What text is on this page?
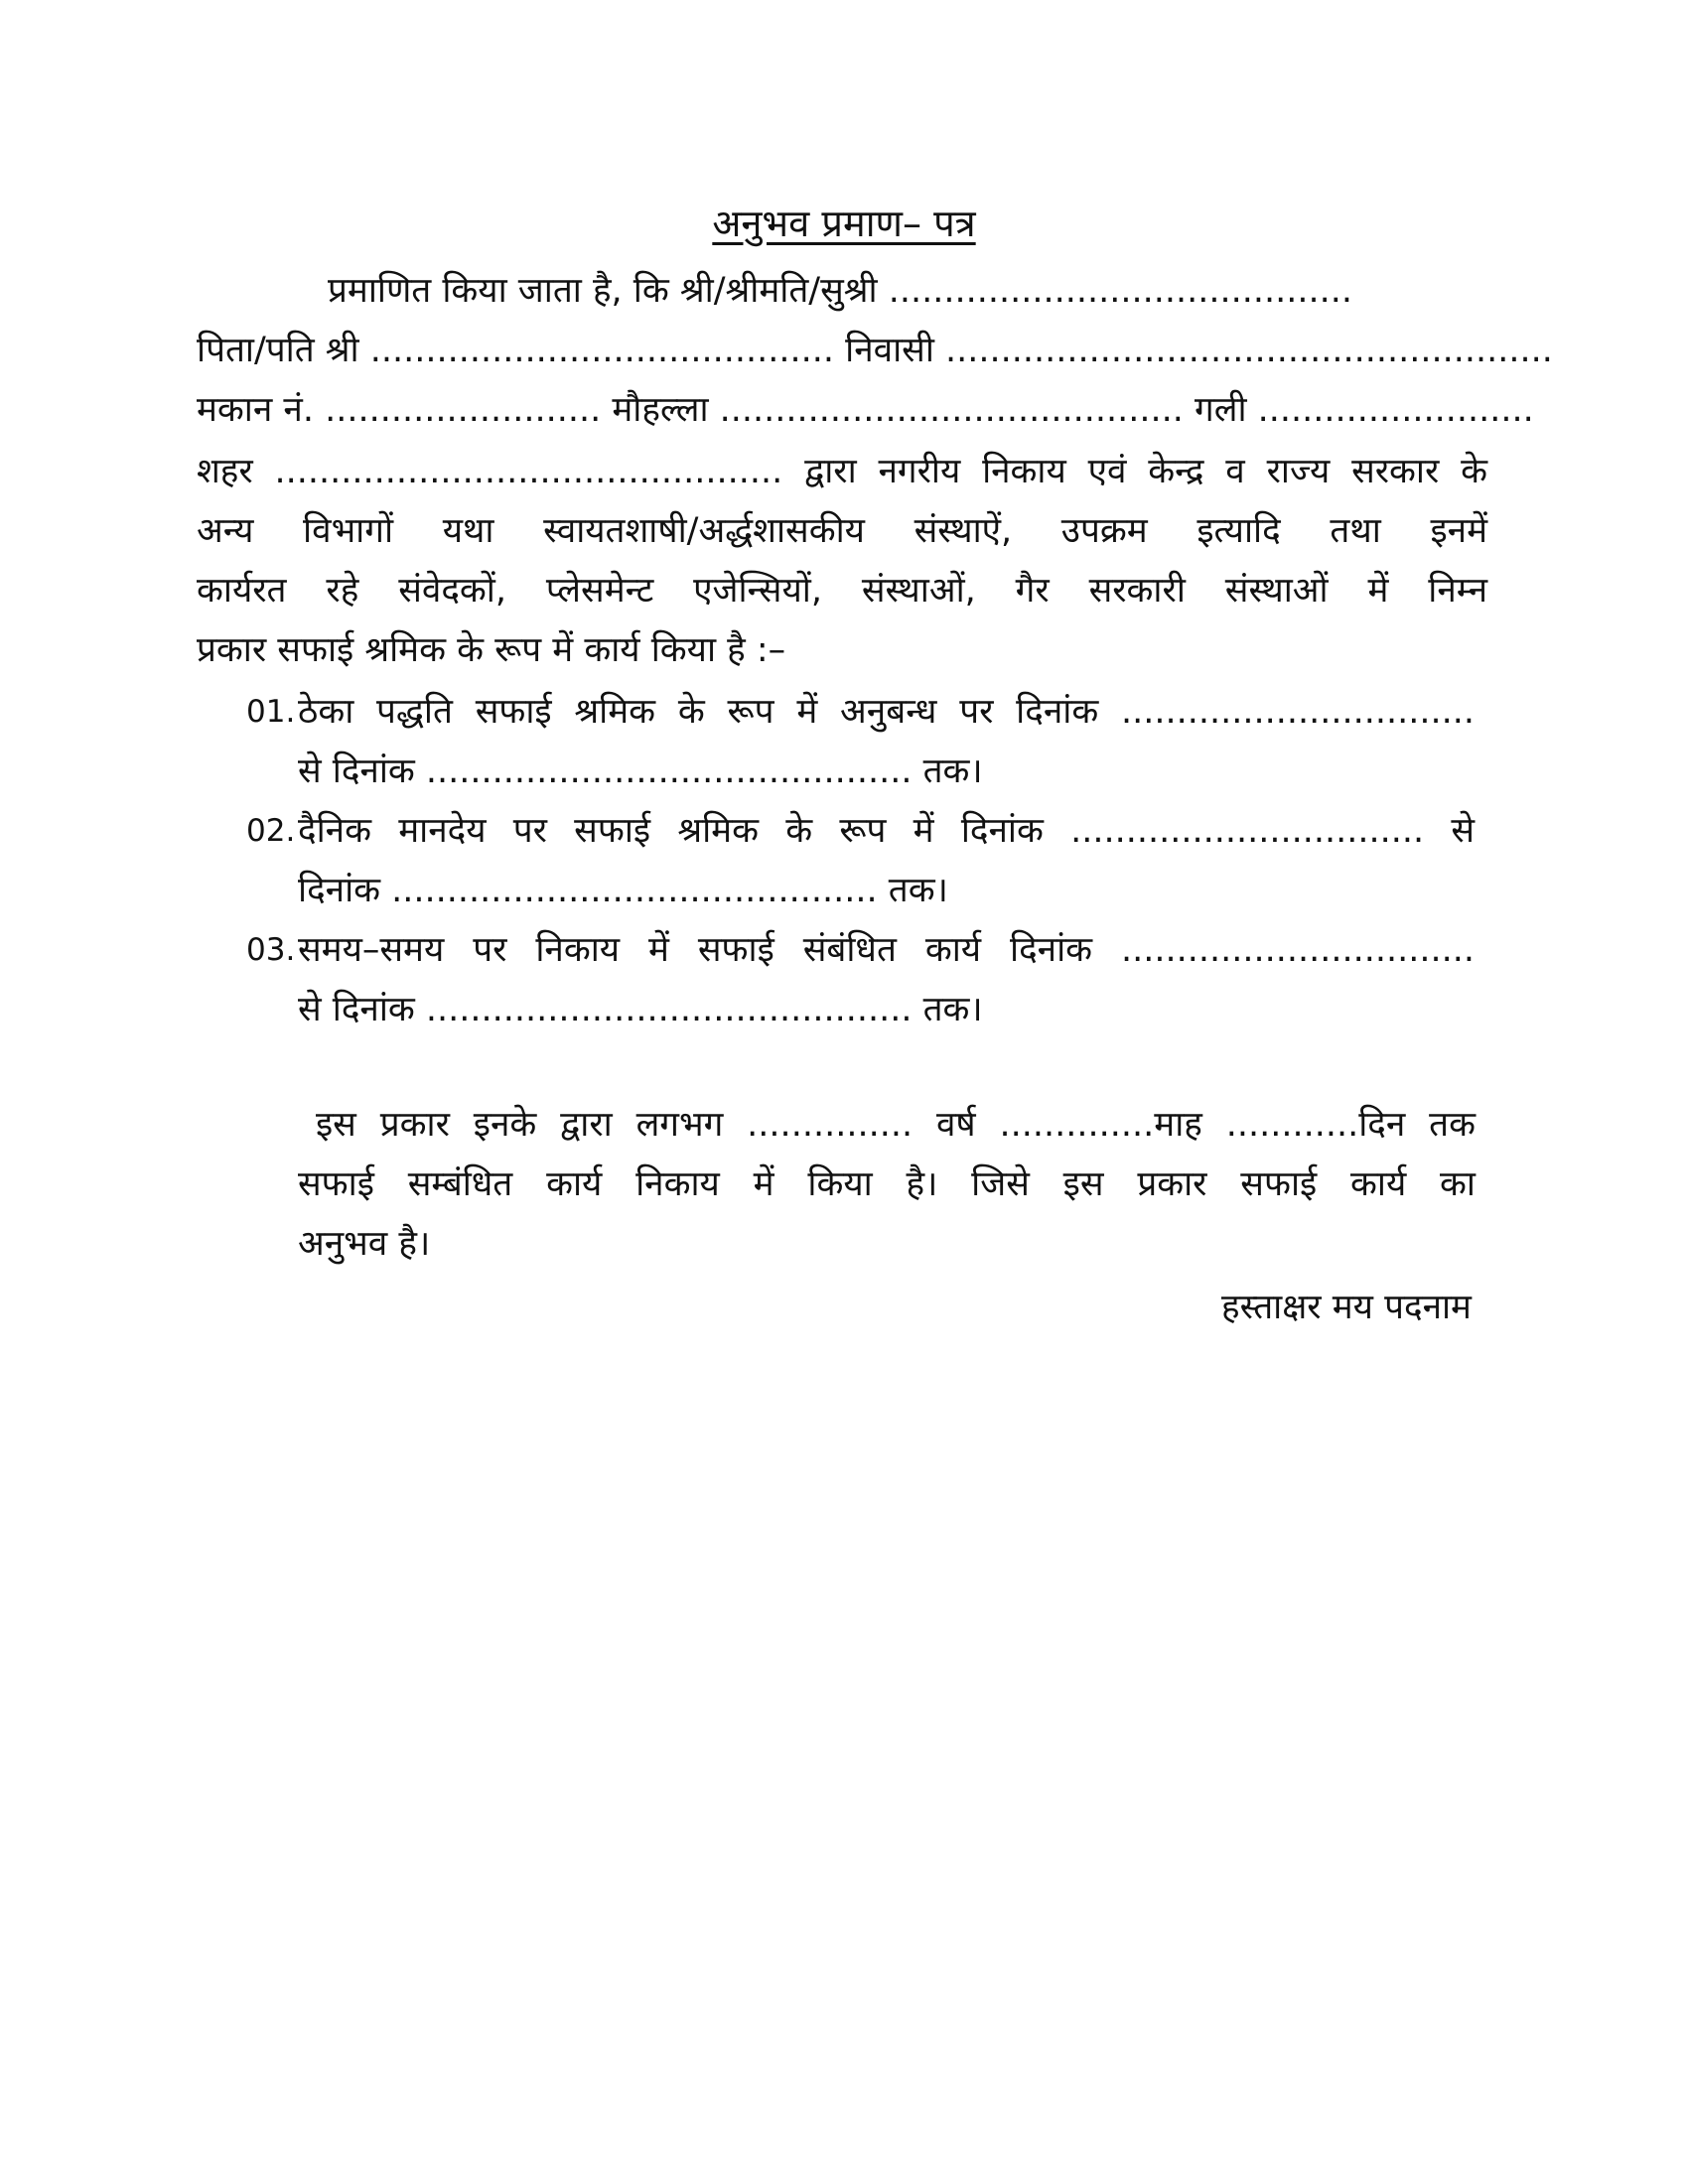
अनुभव प्रमाण– पत्र
प्रमाणित किया जाता है, कि श्री/श्रीमति/सुश्री ..........................................
पिता/पति श्री .......................................... निवासी .......................................................
मकान नं. ......................... मौहल्ला .......................................... गली .........................
शहर .............................................. द्वारा नगरीय निकाय एवं केन्द्र व राज्य सरकार के
अन्य विभागों यथा स्वायतशाषी/अर्द्धशासकीय संस्थाऐं, उपक्रम इत्यादि तथा इनमें
कार्यरत रहे संवेदकों, प्लेसमेन्ट एजेन्सियों, संस्थाओं, गैर सरकारी संस्थाओं में निम्न
प्रकार सफाई श्रमिक के रूप में कार्य किया है :–
01. ठेका पद्धति सफाई श्रमिक के रूप में अनुबन्ध पर दिनांक ................................
से दिनांक ............................................ तक।
02. दैनिक मानदेय पर सफाई श्रमिक के रूप में दिनांक ................................ से
दिनांक ............................................ तक।
03. समय–समय पर निकाय में सफाई संबंधित कार्य दिनांक ................................
से दिनांक ............................................ तक।
इस प्रकार इनके द्वारा लगभग ............... वर्ष ..............माह ............दिन तक
सफाई सम्बंधित कार्य निकाय में किया है। जिसे इस प्रकार सफाई कार्य का
अनुभव है।
हस्ताक्षर मय पदनाम
